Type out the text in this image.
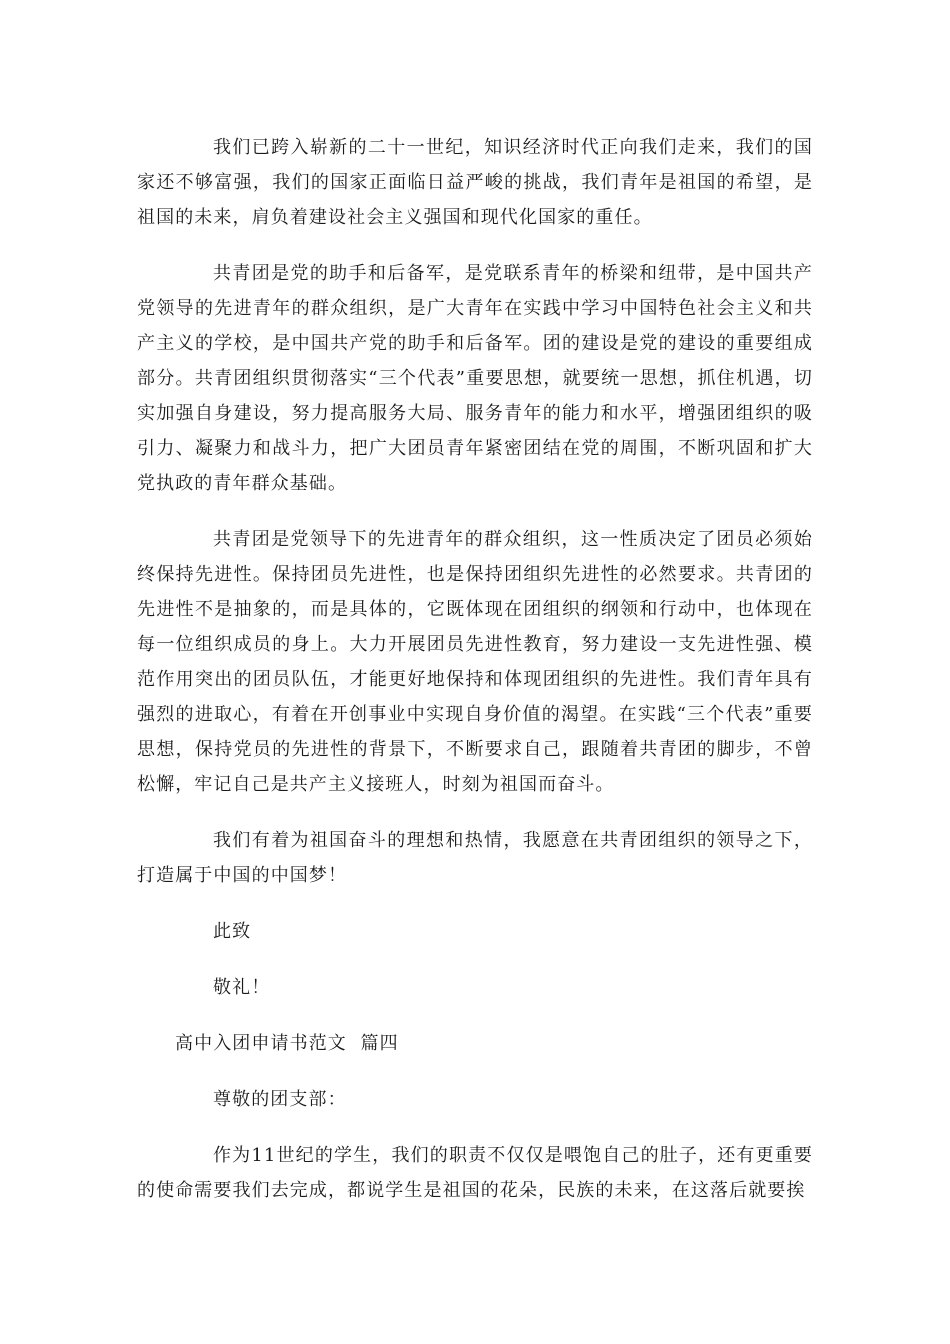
我们已跨入崭新的二十一世纪，知识经济时代正向我们走来，我们的国家还不够富强，我们的国家正面临日益严峻的挑战，我们青年是祖国的希望，是祖国的未来，肩负着建设社会主义强国和现代化国家的重任。

共青团是党的助手和后备军，是党联系青年的桥梁和纽带，是中国共产党领导的先进青年的群众组织，是广大青年在实践中学习中国特色社会主义和共产主义的学校，是中国共产党的助手和后备军。团的建设是党的建设的重要组成部分。共青团组织贯彻落实“三个代表”重要思想，就要统一思想，抓住机遇，切实加强自身建设，努力提高服务大局、服务青年的能力和水平，增强团组织的吸引力、凝聚力和战斗力，把广大团员青年紧密团结在党的周围，不断巩固和扩大党执政的青年群众基础。

共青团是党领导下的先进青年的群众组织，这一性质决定了团员必须始终保持先进性。保持团员先进性，也是保持团组织先进性的必然要求。共青团的先进性不是抽象的，而是具体的，它既体现在团组织的纲领和行动中，也体现在每一位组织成员的身上。大力开展团员先进性教育，努力建设一支先进性强、模范作用突出的团员队伍，才能更好地保持和体现团组织的先进性。我们青年具有强烈的进取心，有着在开创事业中实现自身价值的渴望。在实践“三个代表”重要思想，保持党员的先进性的背景下，不断要求自己，跟随着共青团的脚步，不曾松懈，牢记自己是共产主义接班人，时刻为祖国而奋斗。

我们有着为祖国奋斗的理想和热情，我愿意在共青团组织的领导之下，打造属于中国的中国梦！

此致

敬礼！

高中入团申请书范文  篇四

尊敬的团支部：

作为11世纪的学生，我们的职责不仅仅是喂饱自己的肚子，还有更重要的使命需要我们去完成，都说学生是祖国的花朵，民族的未来，在这落后就要挨
